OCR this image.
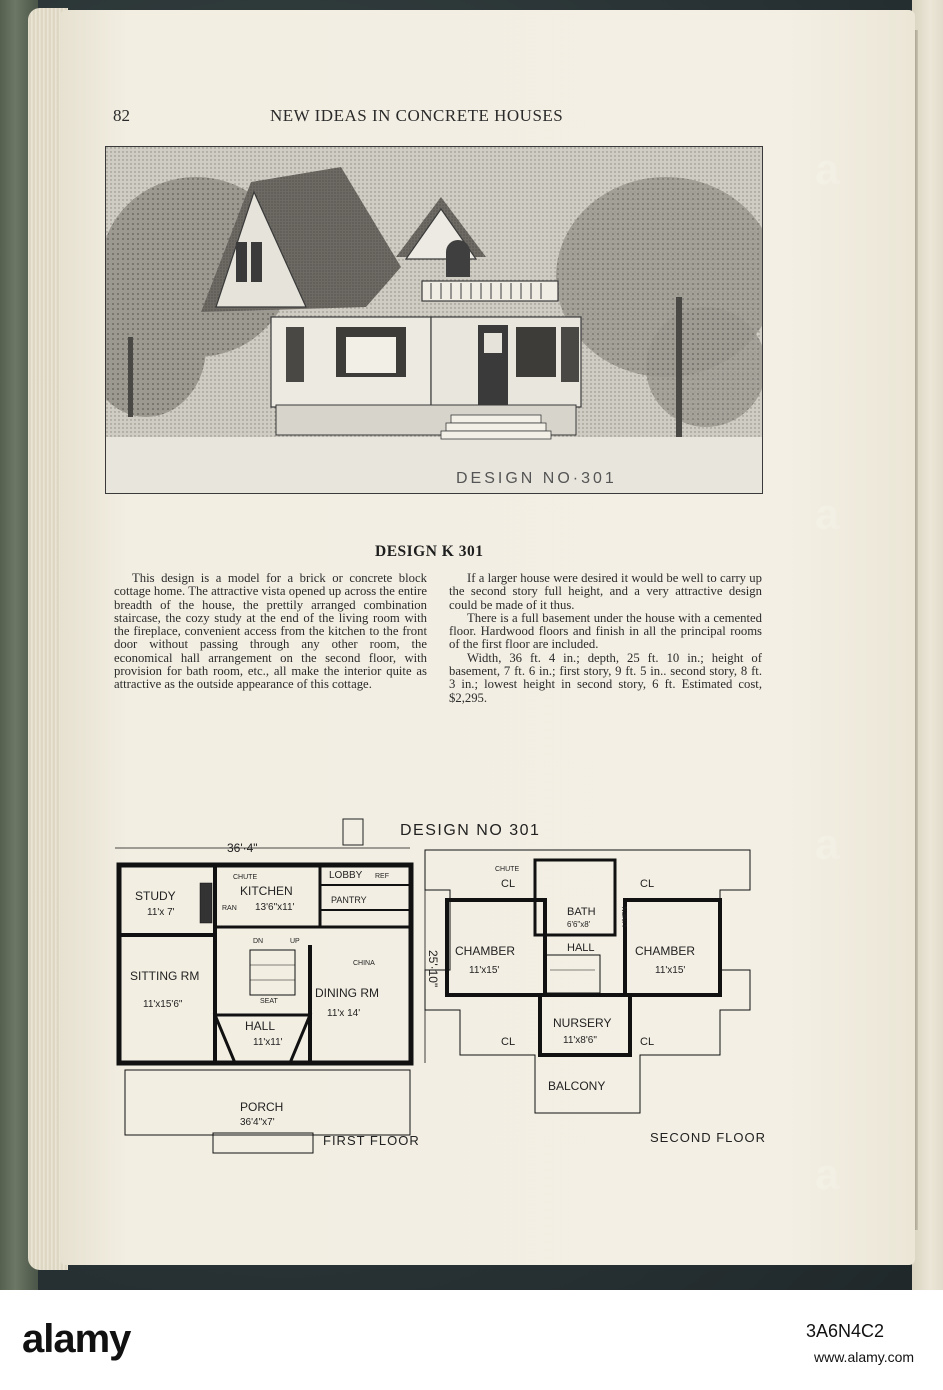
82	NEW IDEAS IN CONCRETE HOUSES
DESIGN NO·301
DESIGN K 301

This design is a model for a brick or concrete block cottage home. The attractive vista opened up across the entire breadth of the house, the prettily arranged combination staircase, the cozy study at the end of the living room with the fireplace, convenient access from the kitchen to the front door without passing through any other room, the economical hall arrangement on the second floor, with provision for bath room, etc., all make the interior quite as attractive as the outside appearance of this cottage.

If a larger house were desired it would be well to carry up the second story full height, and a very attractive design could be made of it thus.

There is a full basement under the house with a cemented floor. Hardwood floors and finish in all the principal rooms of the first floor are included.

Width, 36 ft. 4 in.; depth, 25 ft. 10 in.; height of basement, 7 ft. 6 in.; first story, 9 ft. 5 in.. second story, 8 ft. 3 in.; lowest height in second story, 6 ft. Estimated cost, $2,295.

DESIGN NO 301
36'·4"
25'·10"
STUDY
11'x 7'
KITCHEN
13'6"x11'
LOBBY REF
PANTRY
SITTING RM
11'x15'6"
DINING RM
11'x 14'
HALL
11'x11'
PORCH
36'4"x7'
CHUTE
RAN
DN	UP
CHINA
SEAT
FIRST FLOOR
CHAMBER
11'x15'
BATH
6'6"x8'
HALL	CHAMBER
11'x15'
NURSERY
11'x8'6"
BALCONY
CHUTE
CL	CL
CL	CL
LINEN
SECOND FLOOR
a
a
a
a
alamy	3A6N4C2
www.alamy.com
